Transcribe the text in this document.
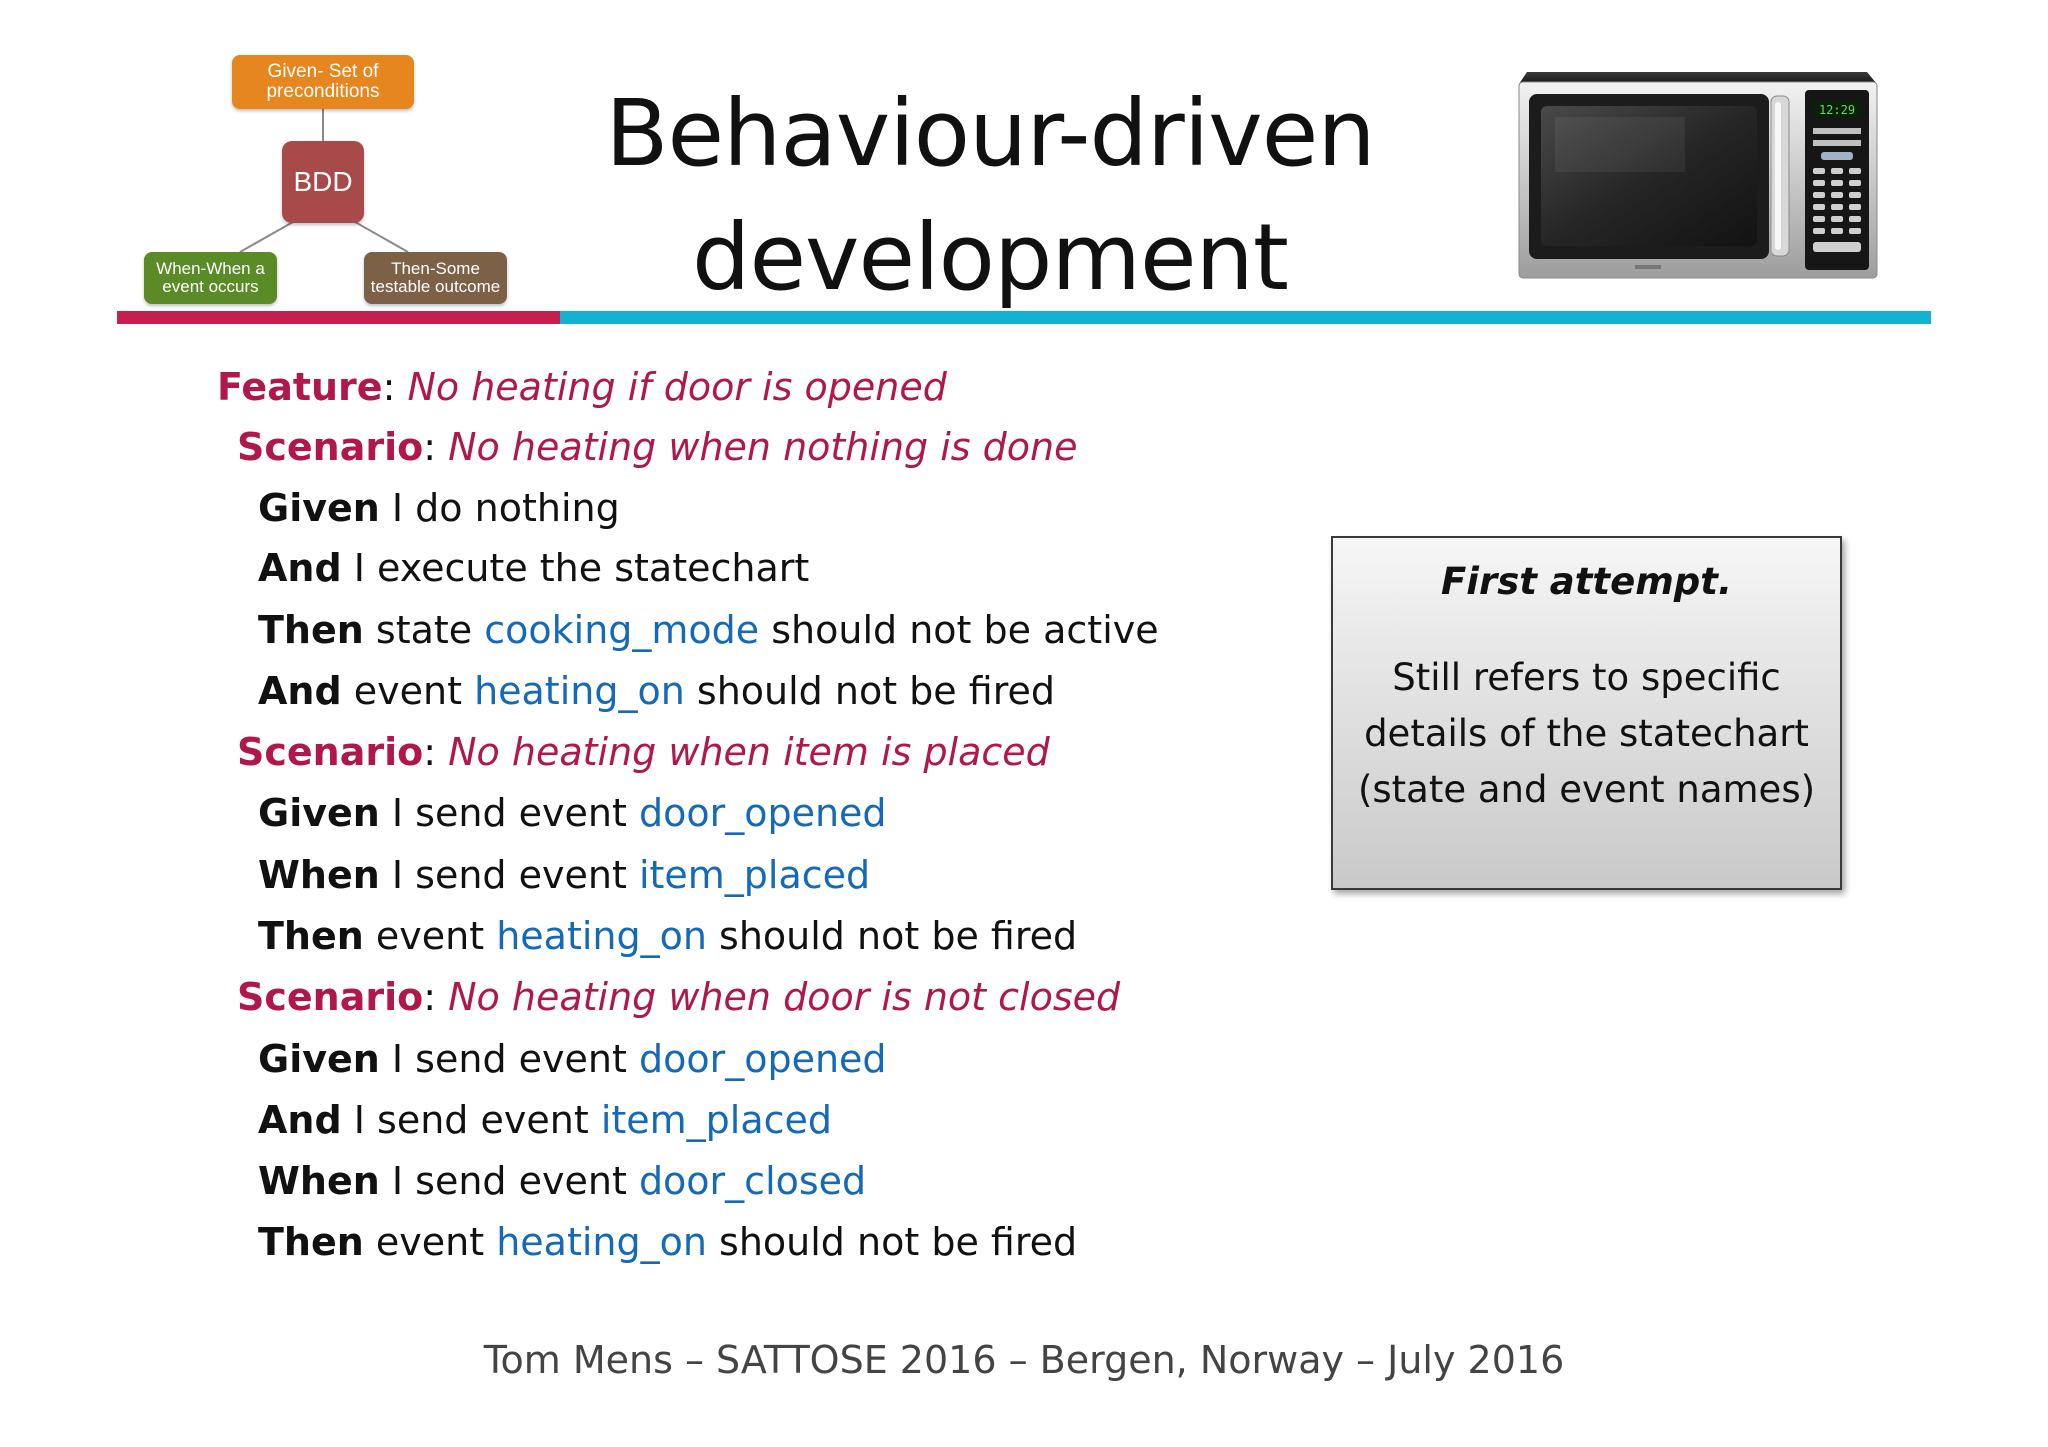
Given- Set of preconditions
BDD
When-When a event occurs
Then-Some testable outcome
Behaviour-driven
development
12:29
Feature: No heating if door is opened
Scenario: No heating when nothing is done
Given I do nothing
And I execute the statechart
Then state cooking_mode should not be active
And event heating_on should not be fired
Scenario: No heating when item is placed
Given I send event door_opened
When I send event item_placed
Then event heating_on should not be fired
Scenario: No heating when door is not closed
Given I send event door_opened
And I send event item_placed
When I send event door_closed
Then event heating_on should not be fired
First attempt.
Still refers to specific
details of the statechart
(state and event names)
Tom Mens – SATTOSE 2016 – Bergen, Norway – July 2016
